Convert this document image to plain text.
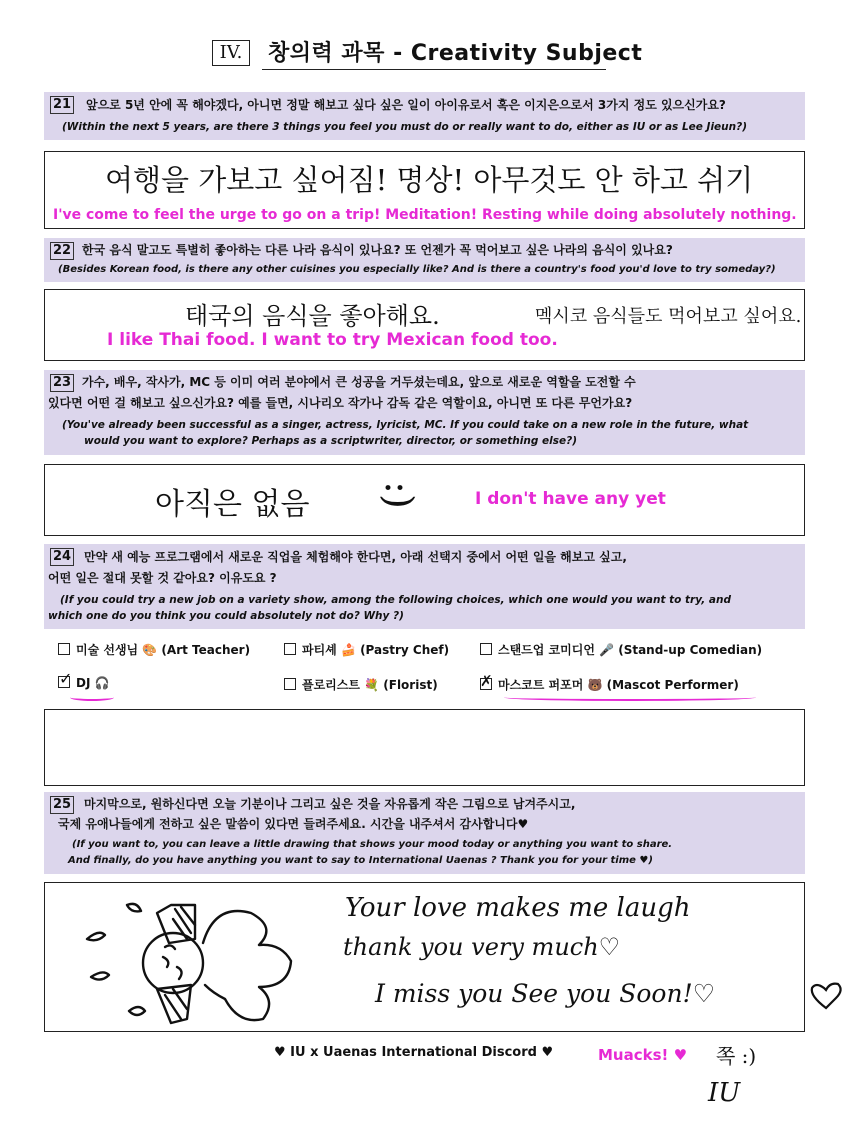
IV.	창의력 과목 - Creativity Subject
21 앞으로 5년 안에 꼭 해야겠다, 아니면 정말 해보고 싶다 싶은 일이 아이유로서 혹은 이지은으로서 3가지 정도 있으신가요?
(Within the next 5 years, are there 3 things you feel you must do or really want to do, either as IU or as Lee Jieun?)
여행을 가보고 싶어짐! 명상! 아무것도 안 하고 쉬기
I've come to feel the urge to go on a trip! Meditation! Resting while doing absolutely nothing.
22 한국 음식 말고도 특별히 좋아하는 다른 나라 음식이 있나요? 또 언젠가 꼭 먹어보고 싶은 나라의 음식이 있나요?
(Besides Korean food, is there any other cuisines you especially like? And is there a country's food you'd love to try someday?)
태국의 음식을 좋아해요.	멕시코 음식들도 먹어보고 싶어요.
I like Thai food. I want to try Mexican food too.
23 가수, 배우, 작사가, MC 등 이미 여러 분야에서 큰 성공을 거두셨는데요, 앞으로 새로운 역할을 도전할 수
있다면 어떤 걸 해보고 싶으신가요? 예를 들면, 시나리오 작가나 감독 같은 역할이요, 아니면 또 다른 무언가요?
(You've already been successful as a singer, actress, lyricist, MC. If you could take on a new role in the future, what
would you want to explore? Perhaps as a scriptwriter, director, or something else?)
아직은 없음 :)	I don't have any yet
24 만약 새 예능 프로그램에서 새로운 직업을 체험해야 한다면, 아래 선택지 중에서 어떤 일을 해보고 싶고,
어떤 일은 절대 못할 것 같아요? 이유도요 ?
(If you could try a new job on a variety show, among the following choices, which one would you want to try, and
which one do you think you could absolutely not do? Why ?)
미술 선생님 🎨 (Art Teacher)	파티셰 🍰 (Pastry Chef)	스탠드업 코미디언 🎤 (Stand-up Comedian)
✓ DJ 🎧	플로리스트 💐 (Florist)	✗ 마스코트 퍼포머 🐻 (Mascot Performer)
25 마지막으로, 원하신다면 오늘 기분이나 그리고 싶은 것을 자유롭게 작은 그림으로 남겨주시고,
국제 유애나들에게 전하고 싶은 말씀이 있다면 들려주세요. 시간을 내주셔서 감사합니다♥
(If you want to, you can leave a little drawing that shows your mood today or anything you want to share.
And finally, do you have anything you want to say to International Uaenas ? Thank you for your time ♥)
Your love makes me laugh
thank you very much♡
I miss you See you Soon!♡
♥ IU x Uaenas International Discord ♥	Muacks! ♥ 쪽 :)
IU
